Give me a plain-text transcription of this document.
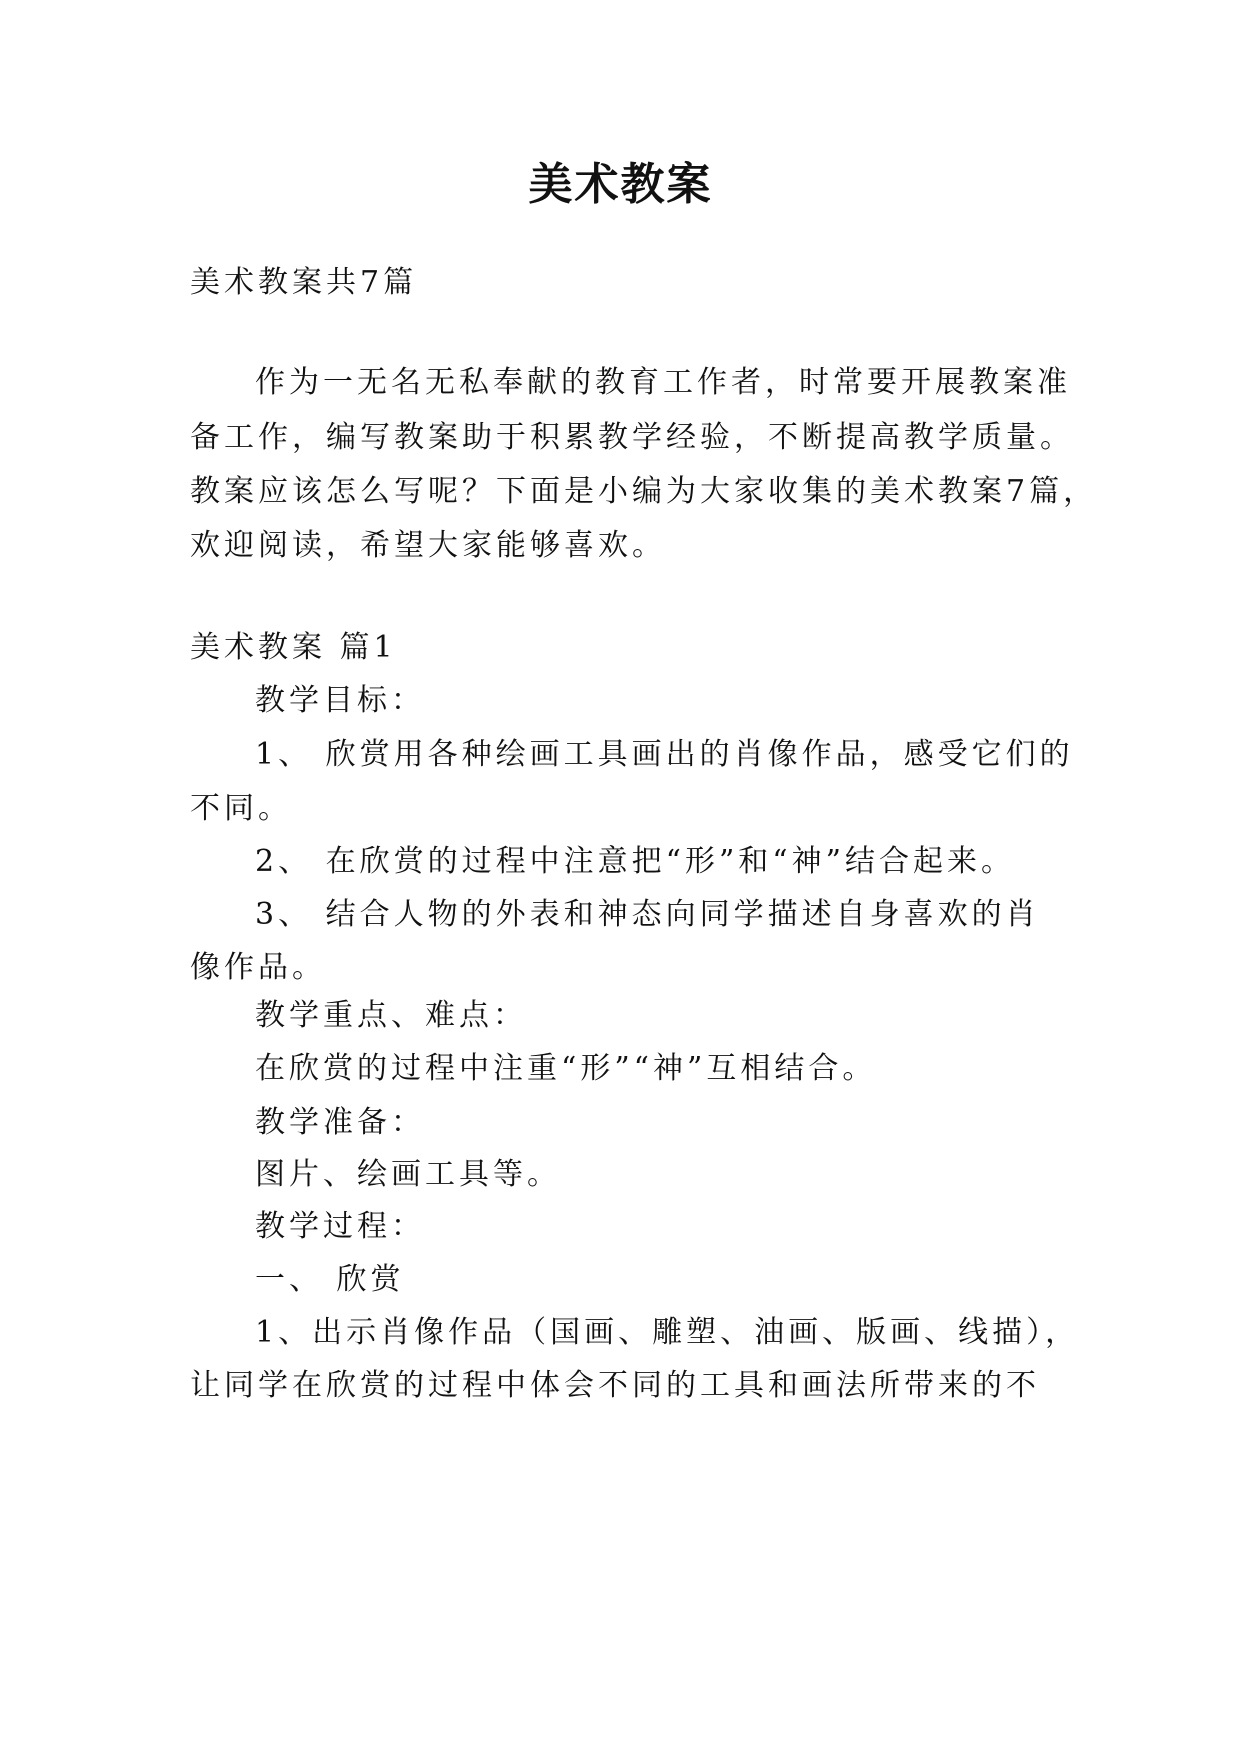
美术教案
美术教案共7篇
作为一无名无私奉献的教育工作者，时常要开展教案准
备工作，编写教案助于积累教学经验，不断提高教学质量。
教案应该怎么写呢？下面是小编为大家收集的美术教案7篇，
欢迎阅读，希望大家能够喜欢。
美术教案 篇1
教学目标：
1、 欣赏用各种绘画工具画出的肖像作品，感受它们的
不同。
2、 在欣赏的过程中注意把“形”和“神”结合起来。
3、 结合人物的外表和神态向同学描述自身喜欢的肖
像作品。
教学重点、难点：
在欣赏的过程中注重“形”“神”互相结合。
教学准备：
图片、绘画工具等。
教学过程：
一、 欣赏
1、出示肖像作品（国画、雕塑、油画、版画、线描），
让同学在欣赏的过程中体会不同的工具和画法所带来的不
